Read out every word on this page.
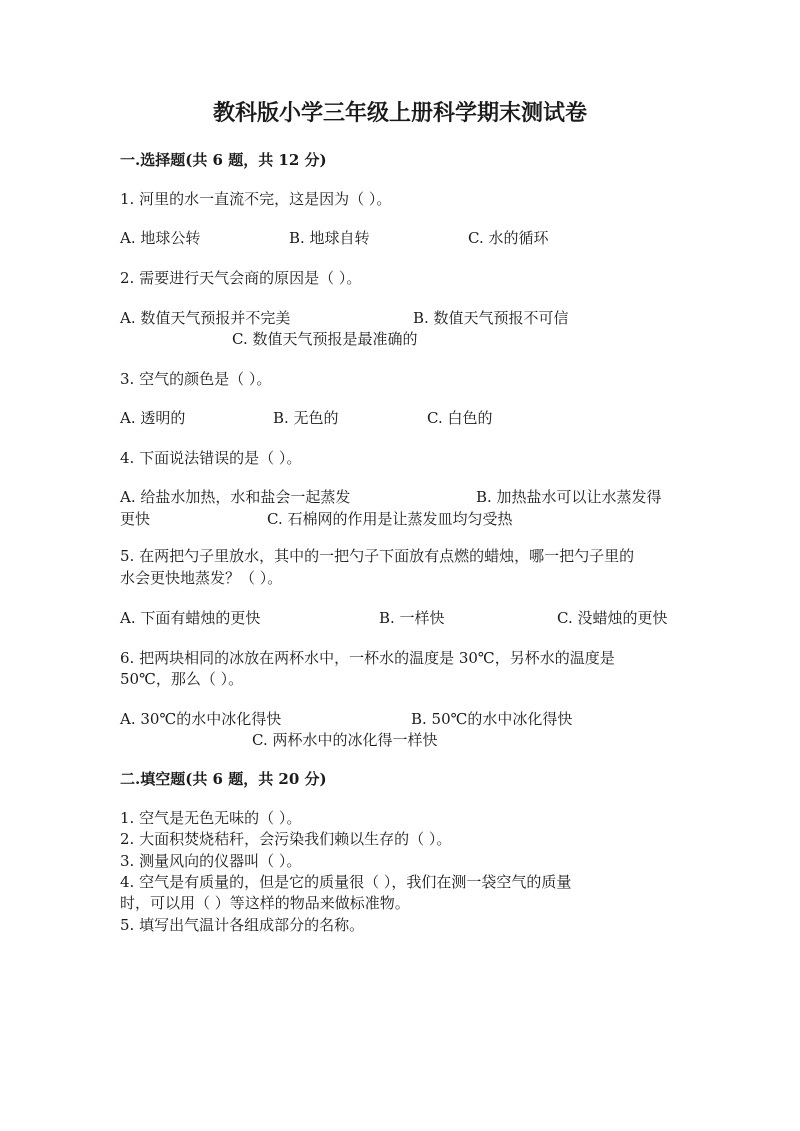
教科版小学三年级上册科学期末测试卷
一.选择题(共 6 题，共 12 分)
1. 河里的水一直流不完，这是因为（ ）。
A. 地球公转	B. 地球自转	C. 水的循环
2. 需要进行天气会商的原因是（ ）。
A. 数值天气预报并不完美	B. 数值天气预报不可信
C. 数值天气预报是最准确的
3. 空气的颜色是（ ）。
A. 透明的	B. 无色的	C. 白色的
4. 下面说法错误的是（ ）。
A. 给盐水加热，水和盐会一起蒸发	B. 加热盐水可以让水蒸发得
更快	C. 石棉网的作用是让蒸发皿均匀受热
5. 在两把勺子里放水，其中的一把勺子下面放有点燃的蜡烛，哪一把勺子里的
水会更快地蒸发？（ ）。
A. 下面有蜡烛的更快	B. 一样快	C. 没蜡烛的更快
6. 把两块相同的冰放在两杯水中，一杯水的温度是 30℃，另杯水的温度是
50℃，那么（ ）。
A. 30℃的水中冰化得快	B. 50℃的水中冰化得快
C. 两杯水中的冰化得一样快
二.填空题(共 6 题，共 20 分)
1. 空气是无色无味的（ ）。
2. 大面积焚烧秸秆，会污染我们赖以生存的（ ）。
3. 测量风向的仪器叫（ ）。
4. 空气是有质量的，但是它的质量很（ ），我们在测一袋空气的质量
时，可以用（ ）等这样的物品来做标准物。
5. 填写出气温计各组成部分的名称。
